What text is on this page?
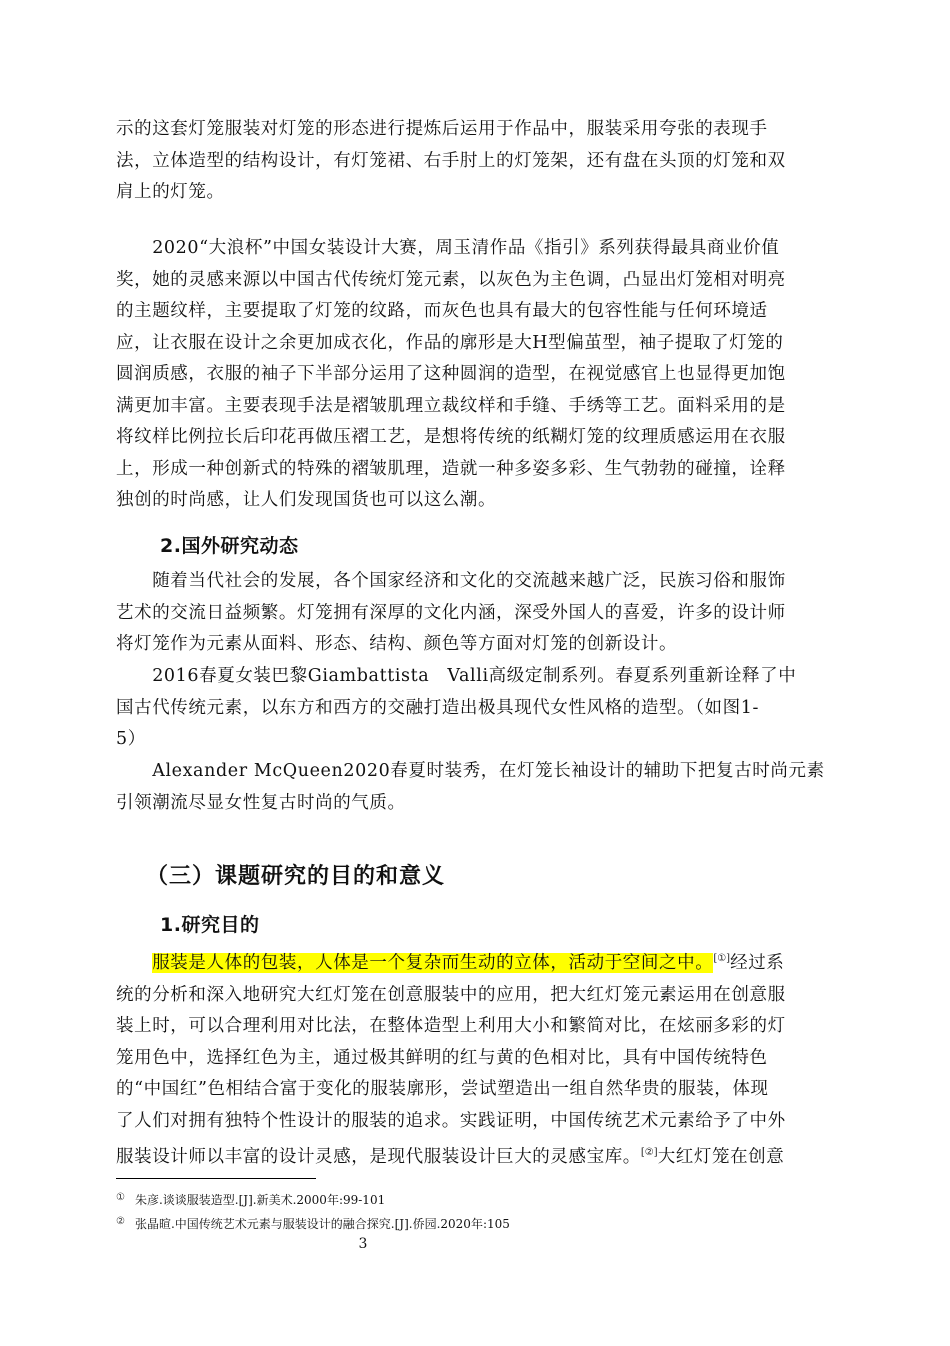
示的这套灯笼服装对灯笼的形态进行提炼后运用于作品中，服装采用夸张的表现手
法，立体造型的结构设计，有灯笼裙、右手肘上的灯笼架，还有盘在头顶的灯笼和双
肩上的灯笼。
　　2020“大浪杯”中国女装设计大赛，周玉清作品《指引》系列获得最具商业价值
奖，她的灵感来源以中国古代传统灯笼元素，以灰色为主色调，凸显出灯笼相对明亮
的主题纹样，主要提取了灯笼的纹路，而灰色也具有最大的包容性能与任何环境适
应，让衣服在设计之余更加成衣化，作品的廓形是大H型偏茧型，袖子提取了灯笼的
圆润质感，衣服的袖子下半部分运用了这种圆润的造型，在视觉感官上也显得更加饱
满更加丰富。主要表现手法是褶皱肌理立裁纹样和手缝、手绣等工艺。面料采用的是
将纹样比例拉长后印花再做压褶工艺，是想将传统的纸糊灯笼的纹理质感运用在衣服
上，形成一种创新式的特殊的褶皱肌理，造就一种多姿多彩、生气勃勃的碰撞，诠释
独创的时尚感，让人们发现国货也可以这么潮。
2.国外研究动态
　　随着当代社会的发展，各个国家经济和文化的交流越来越广泛，民族习俗和服饰
艺术的交流日益频繁。灯笼拥有深厚的文化内涵，深受外国人的喜爱，许多的设计师
将灯笼作为元素从面料、形态、结构、颜色等方面对灯笼的创新设计。
　　2016春夏女装巴黎Giambattista　Valli高级定制系列。春夏系列重新诠释了中
国古代传统元素，以东方和西方的交融打造出极具现代女性风格的造型。（如图1-
5）
　　Alexander McQueen2020春夏时装秀，在灯笼长袖设计的辅助下把复古时尚元素
引领潮流尽显女性复古时尚的气质。
（三）课题研究的目的和意义
1.研究目的
　　服装是人体的包装，人体是一个复杂而生动的立体，活动于空间之中。[①]经过系
统的分析和深入地研究大红灯笼在创意服装中的应用，把大红灯笼元素运用在创意服
装上时，可以合理利用对比法，在整体造型上利用大小和繁简对比，在炫丽多彩的灯
笼用色中，选择红色为主，通过极其鲜明的红与黄的色相对比，具有中国传统特色
的“中国红”色相结合富于变化的服装廓形，尝试塑造出一组自然华贵的服装，体现
了人们对拥有独特个性设计的服装的追求。实践证明，中国传统艺术元素给予了中外
服装设计师以丰富的设计灵感，是现代服装设计巨大的灵感宝库。[②]大红灯笼在创意

① 朱彦.谈谈服装造型.[J].新美术.2000年:99-101

② 张晶暄.中国传统艺术元素与服装设计的融合探究.[J].侨园.2020年:105

3
